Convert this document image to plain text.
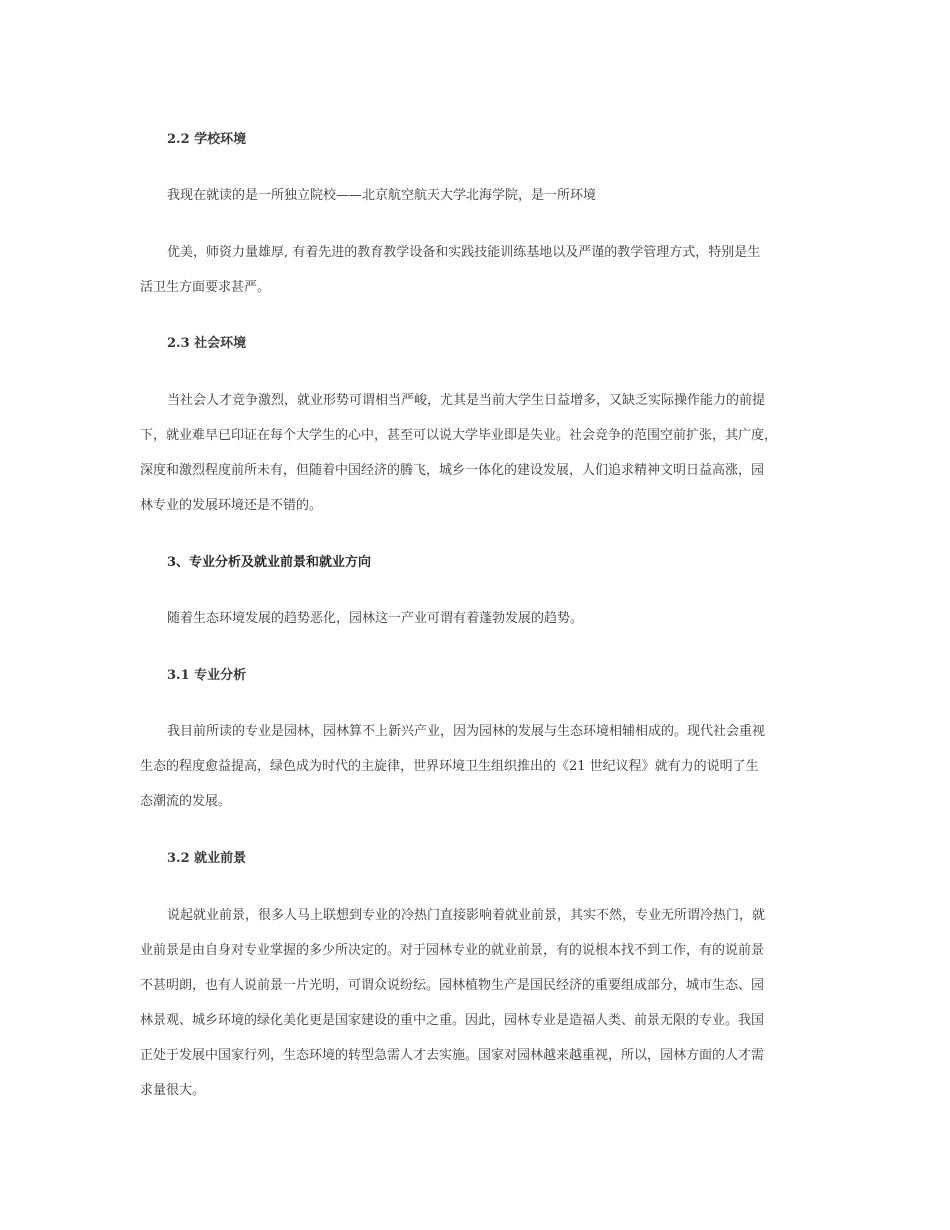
2.2 学校环境

我现在就读的是一所独立院校——北京航空航天大学北海学院，是一所环境

优美，师资力量雄厚, 有着先进的教育教学设备和实践技能训练基地以及严谨的教学管理方式，特别是生
活卫生方面要求甚严。

2.3 社会环境

当社会人才竞争激烈，就业形势可谓相当严峻，尤其是当前大学生日益增多，又缺乏实际操作能力的前提
下，就业难早已印证在每个大学生的心中，甚至可以说大学毕业即是失业。社会竞争的范围空前扩张，其广度，
深度和激烈程度前所未有，但随着中国经济的腾飞，城乡一体化的建设发展，人们追求精神文明日益高涨，园
林专业的发展环境还是不错的。

3、专业分析及就业前景和就业方向

随着生态环境发展的趋势恶化，园林这一产业可谓有着蓬勃发展的趋势。

3.1 专业分析

我目前所读的专业是园林，园林算不上新兴产业，因为园林的发展与生态环境相辅相成的。现代社会重视
生态的程度愈益提高，绿色成为时代的主旋律，世界环境卫生组织推出的《21 世纪议程》就有力的说明了生
态潮流的发展。

3.2 就业前景

说起就业前景，很多人马上联想到专业的冷热门直接影响着就业前景，其实不然，专业无所谓冷热门，就
业前景是由自身对专业掌握的多少所决定的。对于园林专业的就业前景，有的说根本找不到工作，有的说前景
不甚明朗，也有人说前景一片光明，可谓众说纷纭。园林植物生产是国民经济的重要组成部分，城市生态、园
林景观、城乡环境的绿化美化更是国家建设的重中之重。因此，园林专业是造福人类、前景无限的专业。我国
正处于发展中国家行列，生态环境的转型急需人才去实施。国家对园林越来越重视，所以，园林方面的人才需
求量很大。
